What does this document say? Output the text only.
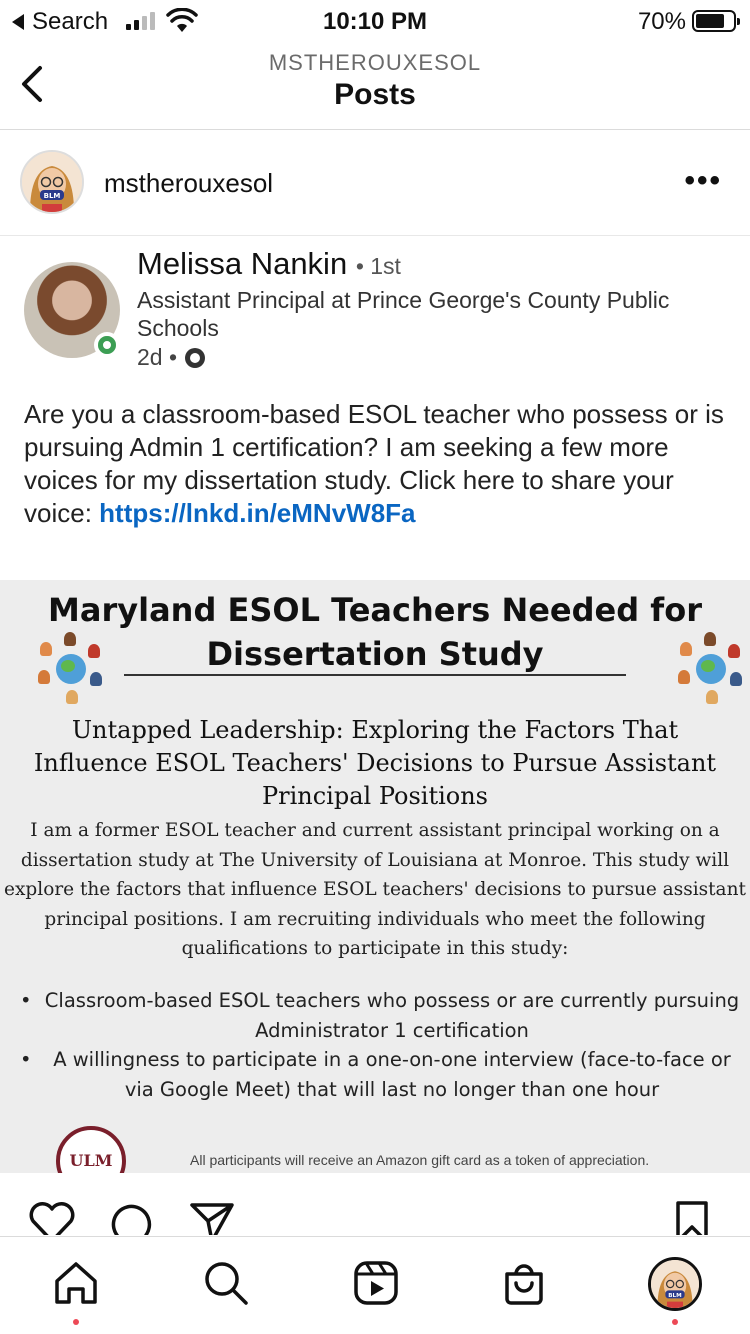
Search	10:10 PM	70%
MSTHEROUXESOL
Posts
BLM mstherouxesol	•••
Melissa Nankin • 1st
Assistant Principal at Prince George's County Public Schools
2d •
Are you a classroom-based ESOL teacher who possess or is pursuing Admin 1 certification? I am seeking a few more voices for my dissertation study. Click here to share your voice: https://lnkd.in/eMNvW8Fa
Maryland ESOL Teachers Needed for
Dissertation Study
Untapped Leadership: Exploring the Factors That Influence ESOL Teachers' Decisions to Pursue Assistant Principal Positions
I am a former ESOL teacher and current assistant principal working on a dissertation study at The University of Louisiana at Monroe. This study will explore the factors that influence ESOL teachers' decisions to pursue assistant principal positions. I am recruiting individuals who meet the following qualifications to participate in this study:
• Classroom-based ESOL teachers who possess or are currently pursuing Administrator 1 certification
• A willingness to participate in a one-on-one interview (face-to-face or via Google Meet) that will last no longer than one hour
ULM	All participants will receive an Amazon gift card as a token of appreciation.
BLM
